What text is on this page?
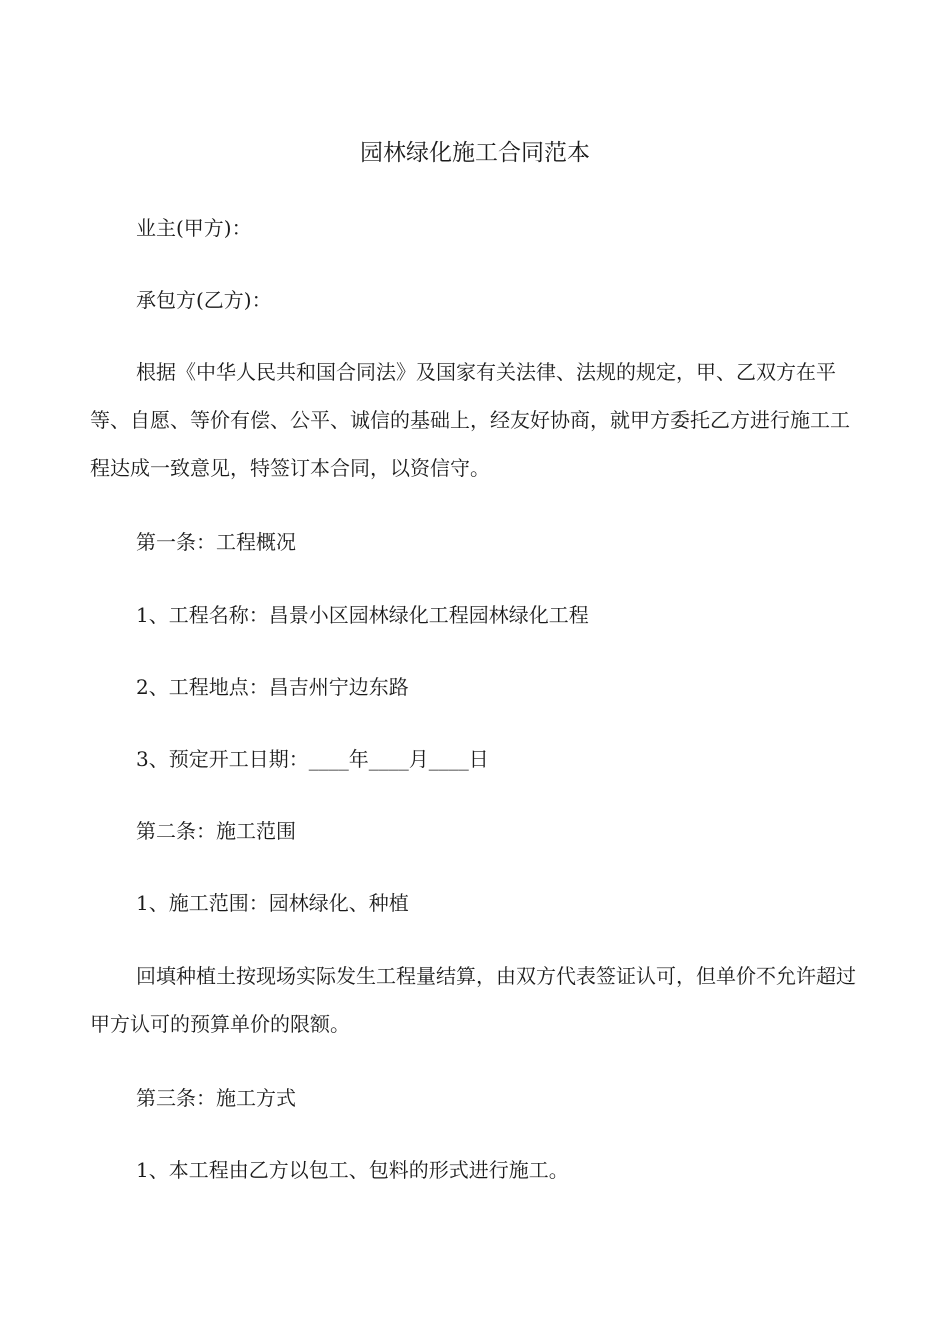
园林绿化施工合同范本

业主(甲方)：

承包方(乙方)：

根据《中华人民共和国合同法》及国家有关法律、法规的规定，甲、乙双方在平等、自愿、等价有偿、公平、诚信的基础上，经友好协商，就甲方委托乙方进行施工工程达成一致意见，特签订本合同，以资信守。

第一条：工程概况

1、工程名称：昌景小区园林绿化工程园林绿化工程

2、工程地点：昌吉州宁边东路

3、预定开工日期：____年____月____日

第二条：施工范围

1、施工范围：园林绿化、种植

回填种植土按现场实际发生工程量结算，由双方代表签证认可，但单价不允许超过甲方认可的预算单价的限额。

第三条：施工方式

1、本工程由乙方以包工、包料的形式进行施工。
